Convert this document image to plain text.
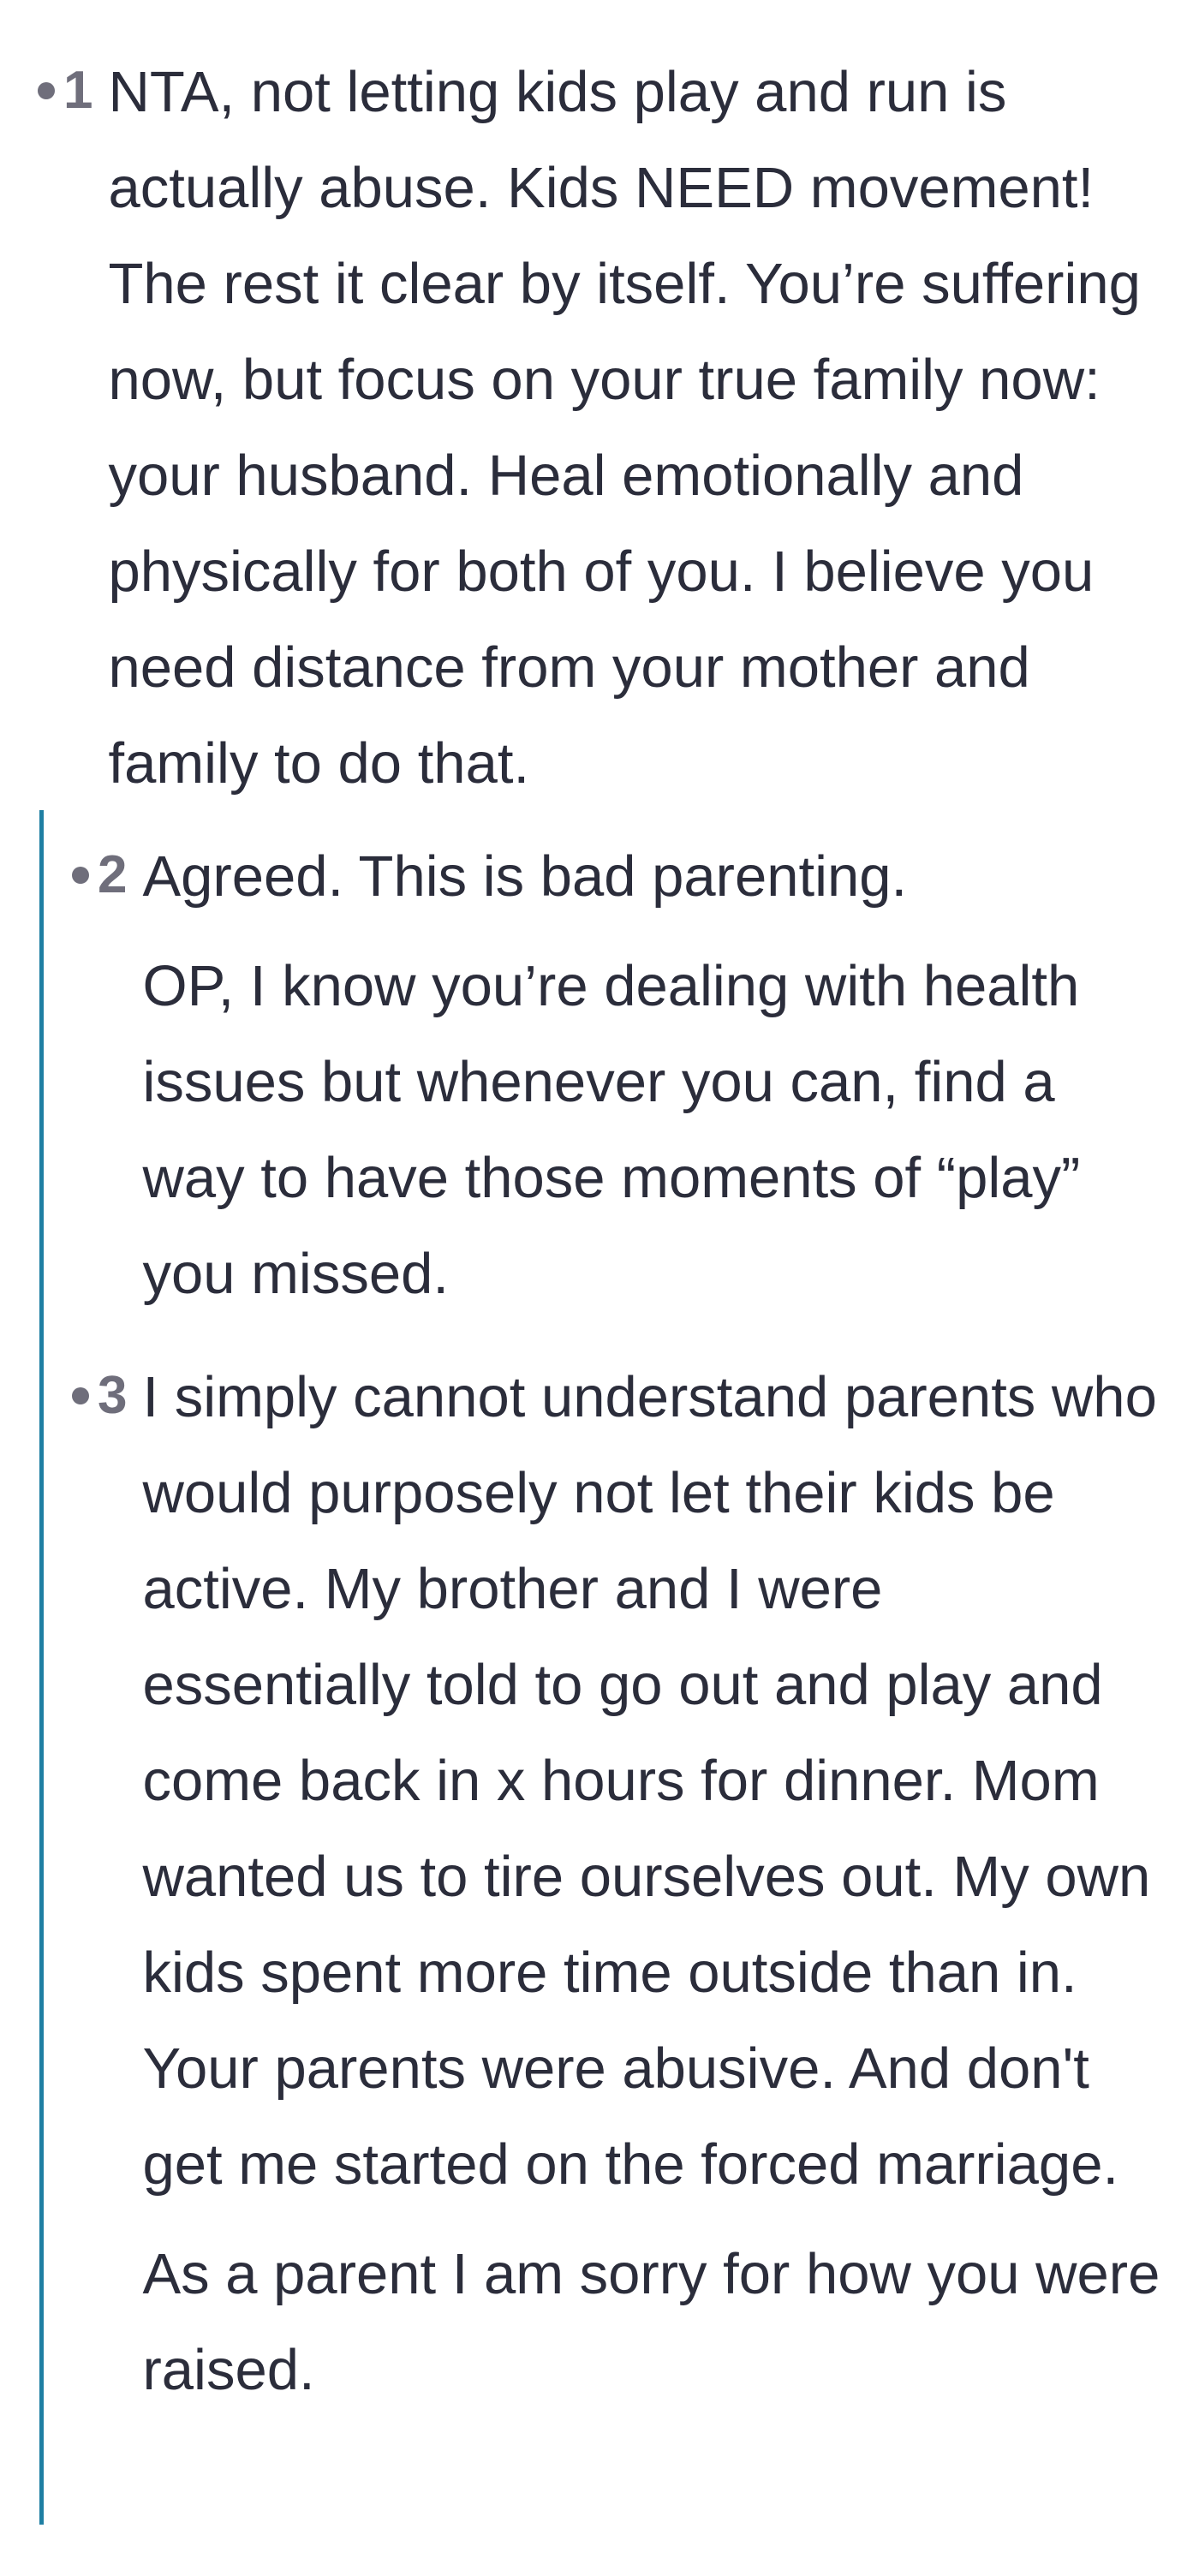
1 NTA, not letting kids play and run is actually abuse. Kids NEED movement! The rest it clear by itself. You’re suffering now, but focus on your true family now: your husband. Heal emotionally and physically for both of you. I believe you need distance from your mother and family to do that.

2 Agreed. This is bad parenting.

OP, I know you’re dealing with health issues but whenever you can, find a way to have those moments of “play” you missed.

3 I simply cannot understand parents who would purposely not let their kids be active. My brother and I were essentially told to go out and play and come back in x hours for dinner. Mom wanted us to tire ourselves out. My own kids spent more time outside than in. Your parents were abusive. And don't get me started on the forced marriage.

As a parent I am sorry for how you were raised.
